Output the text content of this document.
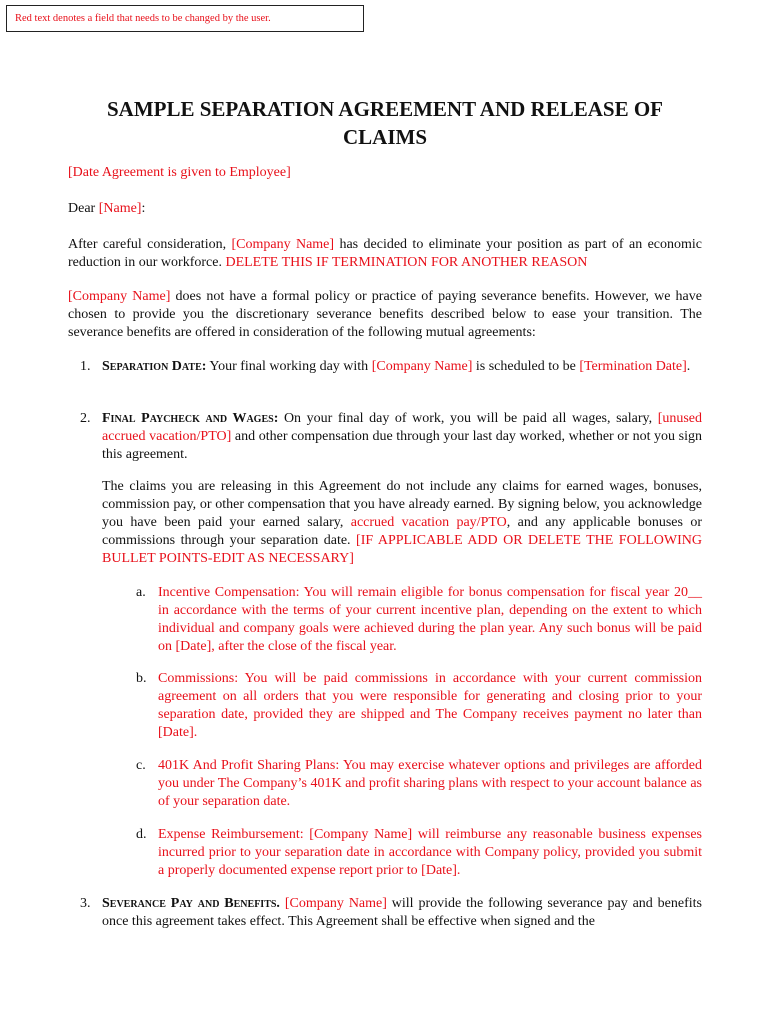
Red text denotes a field that needs to be changed by the user.
SAMPLE SEPARATION AGREEMENT AND RELEASE OF
CLAIMS
[Date Agreement is given to Employee]
Dear [Name]:
After careful consideration, [Company Name] has decided to eliminate your position as part of an economic reduction in our workforce. DELETE THIS IF TERMINATION FOR ANOTHER REASON
[Company Name] does not have a formal policy or practice of paying severance benefits. However, we have chosen to provide you the discretionary severance benefits described below to ease your transition. The severance benefits are offered in consideration of the following mutual agreements:
1. Separation Date: Your final working day with [Company Name] is scheduled to be [Termination Date].
2. Final Paycheck and Wages: On your final day of work, you will be paid all wages, salary, [unused accrued vacation/PTO] and other compensation due through your last day worked, whether or not you sign this agreement.
The claims you are releasing in this Agreement do not include any claims for earned wages, bonuses, commission pay, or other compensation that you have already earned. By signing below, you acknowledge you have been paid your earned salary, accrued vacation pay/PTO, and any applicable bonuses or commissions through your separation date. [IF APPLICABLE ADD OR DELETE THE FOLLOWING BULLET POINTS-EDIT AS NECESSARY]
a. Incentive Compensation: You will remain eligible for bonus compensation for fiscal year 20__ in accordance with the terms of your current incentive plan, depending on the extent to which individual and company goals were achieved during the plan year. Any such bonus will be paid on [Date], after the close of the fiscal year.
b. Commissions: You will be paid commissions in accordance with your current commission agreement on all orders that you were responsible for generating and closing prior to your separation date, provided they are shipped and The Company receives payment no later than [Date].
c. 401K And Profit Sharing Plans: You may exercise whatever options and privileges are afforded you under The Company’s 401K and profit sharing plans with respect to your account balance as of your separation date.
d. Expense Reimbursement: [Company Name] will reimburse any reasonable business expenses incurred prior to your separation date in accordance with Company policy, provided you submit a properly documented expense report prior to [Date].
3. Severance Pay and Benefits. [Company Name] will provide the following severance pay and benefits once this agreement takes effect. This Agreement shall be effective when signed and the
